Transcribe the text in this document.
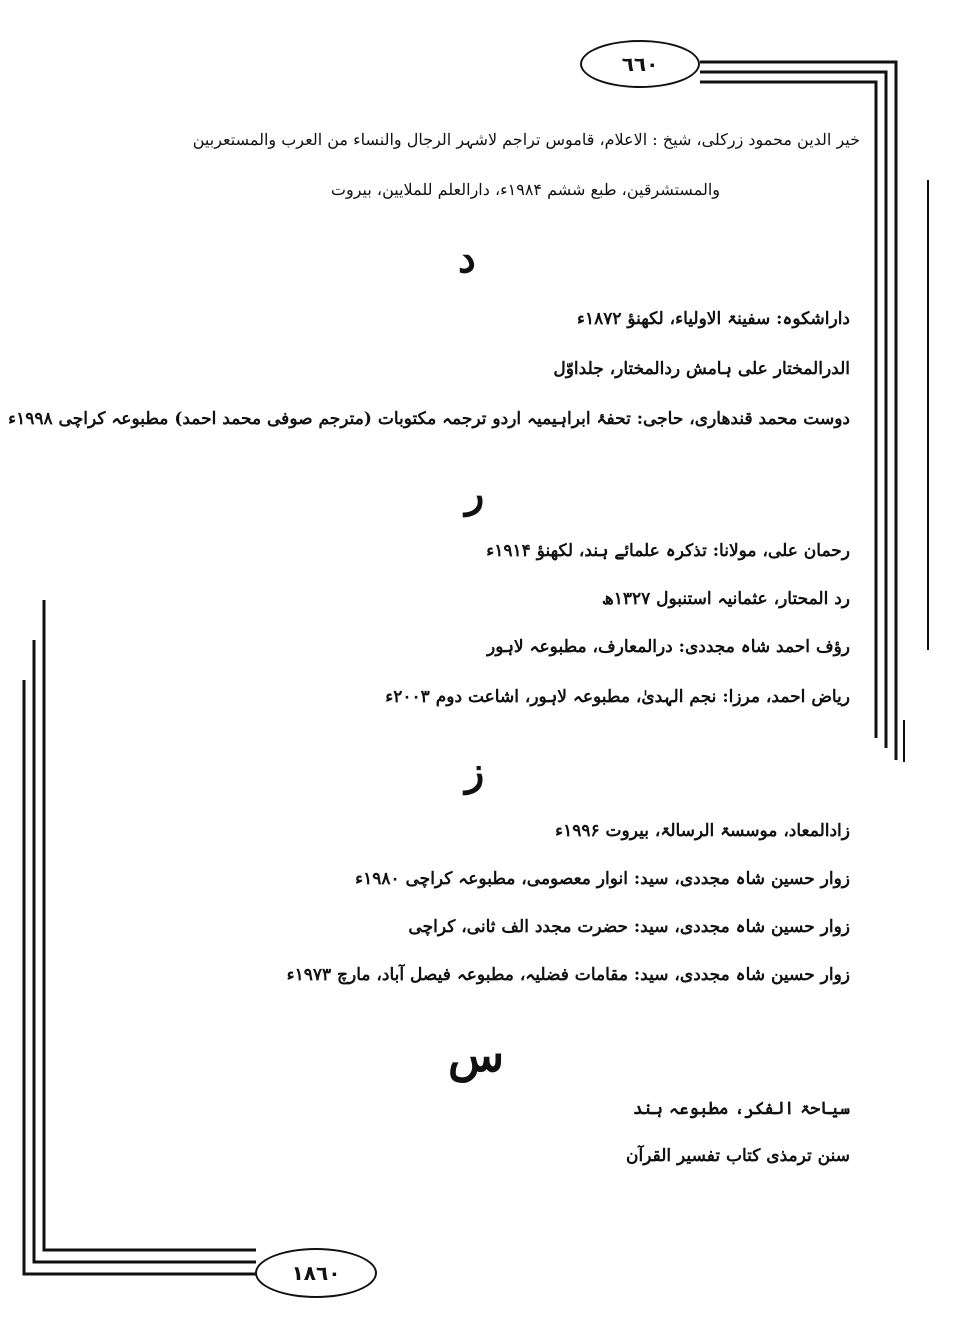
٦٦٠
١٨٦٠
خیر الدین محمود زرکلی، شیخ : الاعلام، قاموس تراجم لاشہر الرجال والنساء من العرب والمستعربین
والمستشرقین، طبع ششم ۱۹۸۴ء، دارالعلم للملایین، بیروت
د
داراشکوہ: سفینۃ الاولیاء، لکھنؤ ۱۸۷۲ء
الدرالمختار علی ہامش ردالمختار، جلداوّل
دوست محمد قندھاری، حاجی: تحفۂ ابراہیمیہ اردو ترجمہ مکتوبات (مترجم صوفی محمد احمد) مطبوعہ کراچی ۱۹۹۸ء
ر
رحمان علی، مولانا: تذکرہ علمائے ہند، لکھنؤ ۱۹۱۴ء
رد المحتار، عثمانیہ استنبول ۱۳۲۷ھ
رؤف احمد شاہ مجددی: درالمعارف، مطبوعہ لاہور
ریاض احمد، مرزا: نجم الہدیٰ، مطبوعہ لاہور، اشاعت دوم ۲۰۰۳ء
ز
زادالمعاد، موسسۃ الرسالۃ، بیروت ۱۹۹۶ء
زوار حسین شاہ مجددی، سید: انوار معصومی، مطبوعہ کراچی ۱۹۸۰ء
زوار حسین شاہ مجددی، سید: حضرت مجدد الف ثانی، کراچی
زوار حسین شاہ مجددی، سید: مقامات فضلیہ، مطبوعہ فیصل آباد، مارچ ۱۹۷۳ء
س
سیاحۃ الفکر، مطبوعہ ہند
سنن ترمذی کتاب تفسیر القرآن
